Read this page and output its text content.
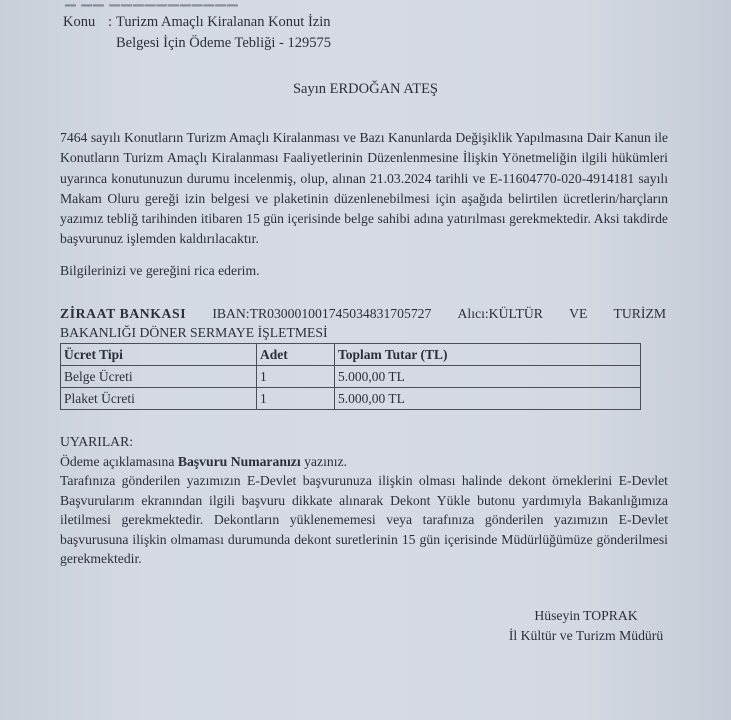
Konu : Turizm Amaçlı Kiralanan Konut İzin
Belgesi İçin Ödeme Tebliği - 129575
Sayın ERDOĞAN ATEŞ
7464 sayılı Konutların Turizm Amaçlı Kiralanması ve Bazı Kanunlarda Değişiklik Yapılmasına Dair Kanun ile Konutların Turizm Amaçlı Kiralanması Faaliyetlerinin Düzenlenmesine İlişkin Yönetmeliğin ilgili hükümleri uyarınca konutunuzun durumu incelenmiş, olup, alınan 21.03.2024 tarihli ve E-11604770-020-4914181 sayılı Makam Oluru gereği izin belgesi ve plaketinin düzenlenebilmesi için aşağıda belirtilen ücretlerin/harçların yazımız tebliğ tarihinden itibaren 15 gün içerisinde belge sahibi adına yatırılması gerekmektedir. Aksi takdirde başvurunuz işlemden kaldırılacaktır.
Bilgilerinizi ve gereğini rica ederim.
ZİRAAT BANKASI IBAN:TR030001001745034831705727 Alıcı:KÜLTÜR VE TURİZM
BAKANLIĞI DÖNER SERMAYE İŞLETMESİ
Ücret Tipi	Adet	Toplam Tutar (TL)
Belge Ücreti	1	5.000,00 TL
Plaket Ücreti	1	5.000,00 TL
UYARILAR:
Ödeme açıklamasına Başvuru Numaranızı yazınız.
Tarafınıza gönderilen yazımızın E-Devlet başvurunuza ilişkin olması halinde dekont örneklerini E-Devlet Başvurularım ekranından ilgili başvuru dikkate alınarak Dekont Yükle butonu yardımıyla Bakanlığımıza iletilmesi gerekmektedir. Dekontların yüklenememesi veya tarafınıza gönderilen yazımızın E-Devlet başvurusuna ilişkin olmaması durumunda dekont suretlerinin 15 gün içerisinde Müdürlüğümüze gönderilmesi gerekmektedir.
Hüseyin TOPRAK
İl Kültür ve Turizm Müdürü
